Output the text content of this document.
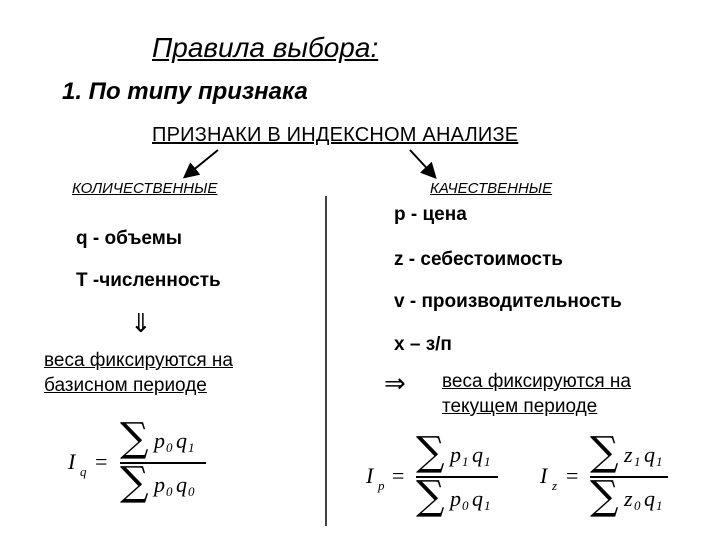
Правила выбора:
1. По типу признака
ПРИЗНАКИ В ИНДЕКСНОМ АНАЛИЗЕ
КОЛИЧЕСТВЕННЫЕ
q - объемы
T -численность
⇓
веса фиксируются на
базисном периоде
I q =
∑ p 0 q 1
∑ p 0 q 0
КАЧЕСТВЕННЫЕ
p - цена
z - себестоимость
v - производительность
x – з/п
⇒ веса фиксируются на
текущем периоде
I p =
∑ p 1 q 1
∑ p 0 q 1
I z =
∑ z 1 q 1
∑ z 0 q 1
